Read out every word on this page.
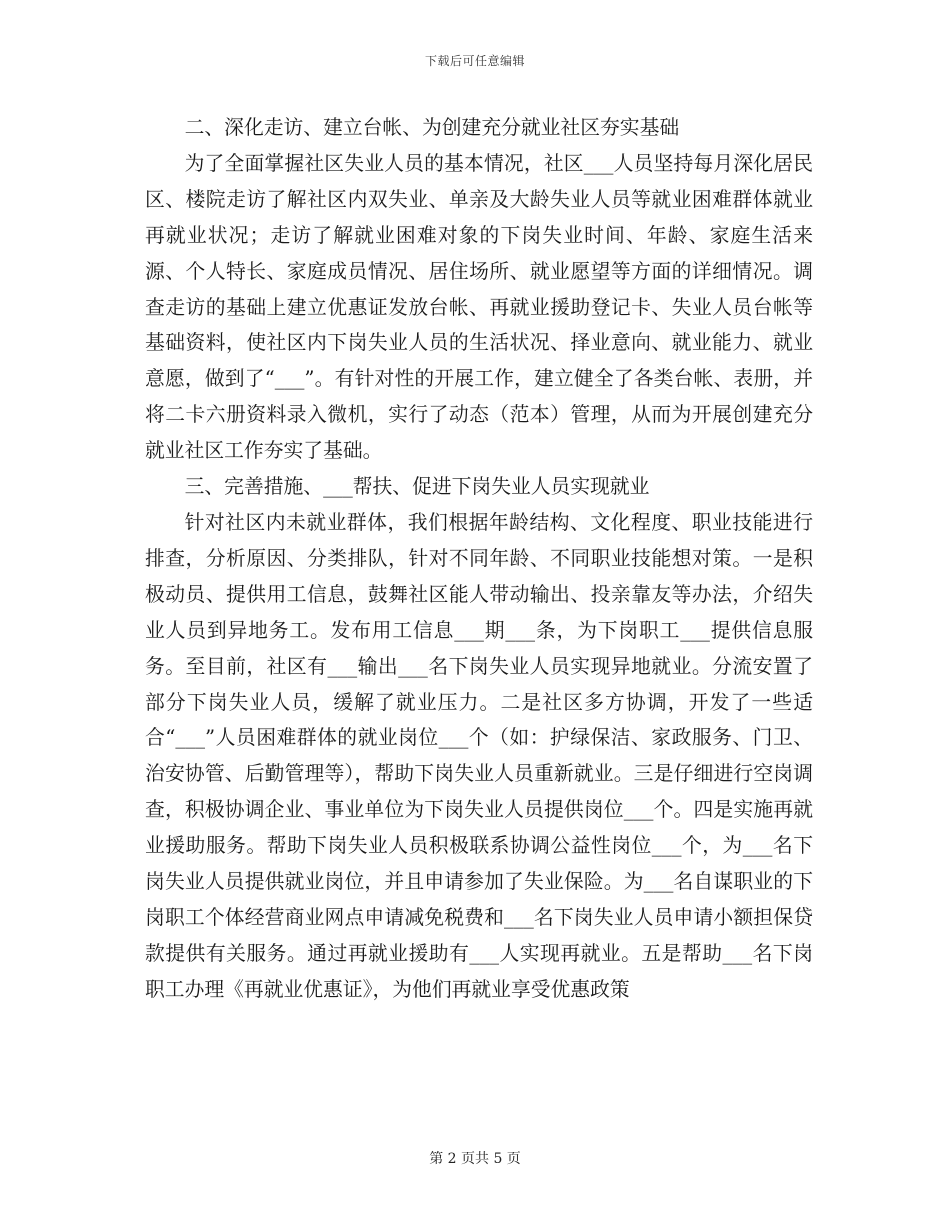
下载后可任意编辑

二、深化走访、建立台帐、为创建充分就业社区夯实基础

为了全面掌握社区失业人员的基本情况，社区___人员坚持每月深化居民区、楼院走访了解社区内双失业、单亲及大龄失业人员等就业困难群体就业再就业状况；走访了解就业困难对象的下岗失业时间、年龄、家庭生活来源、个人特长、家庭成员情况、居住场所、就业愿望等方面的详细情况。调查走访的基础上建立优惠证发放台帐、再就业援助登记卡、失业人员台帐等基础资料，使社区内下岗失业人员的生活状况、择业意向、就业能力、就业意愿，做到了“___”。有针对性的开展工作，建立健全了各类台帐、表册，并将二卡六册资料录入微机，实行了动态（范本）管理，从而为开展创建充分就业社区工作夯实了基础。

三、完善措施、___帮扶、促进下岗失业人员实现就业

针对社区内未就业群体，我们根据年龄结构、文化程度、职业技能进行排查，分析原因、分类排队，针对不同年龄、不同职业技能想对策。一是积极动员、提供用工信息，鼓舞社区能人带动输出、投亲靠友等办法，介绍失业人员到异地务工。发布用工信息___期___条，为下岗职工___提供信息服务。至目前，社区有___输出___名下岗失业人员实现异地就业。分流安置了部分下岗失业人员，缓解了就业压力。二是社区多方协调，开发了一些适合“___”人员困难群体的就业岗位___个（如：护绿保洁、家政服务、门卫、治安协管、后勤管理等），帮助下岗失业人员重新就业。三是仔细进行空岗调查，积极协调企业、事业单位为下岗失业人员提供岗位___个。四是实施再就业援助服务。帮助下岗失业人员积极联系协调公益性岗位___个，为___名下岗失业人员提供就业岗位，并且申请参加了失业保险。为___名自谋职业的下岗职工个体经营商业网点申请减免税费和___名下岗失业人员申请小额担保贷款提供有关服务。通过再就业援助有___人实现再就业。五是帮助___名下岗职工办理《再就业优惠证》，为他们再就业享受优惠政策

第 2 页共 5 页
